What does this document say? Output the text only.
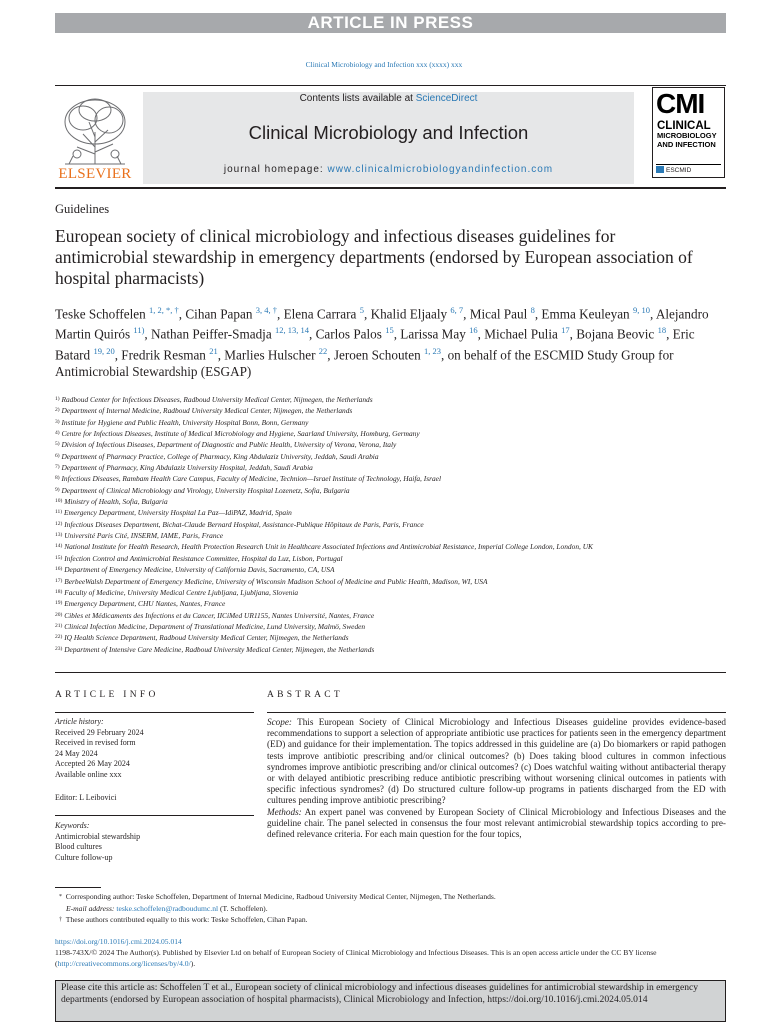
ARTICLE IN PRESS
Clinical Microbiology and Infection xxx (xxxx) xxx
ELSEVIER
Contents lists available at ScienceDirect
Clinical Microbiology and Infection
journal homepage: www.clinicalmicrobiologyandinfection.com
CMI
CLINICAL
MICROBIOLOGY
AND INFECTION
ESCMID
Guidelines
European society of clinical microbiology and infectious diseases guidelines for antimicrobial stewardship in emergency departments (endorsed by European association of hospital pharmacists)
Teske Schoffelen $^{1, 2, *, \dagger}$, Cihan Papan $^{3, 4, \dagger}$, Elena Carrara $^5$, Khalid Eljaaly $^{6, 7}$, Mical Paul $^8$, Emma Keuleyan $^{9, 10}$, Alejandro Martin Quirós $^{11)}$, Nathan Peiffer-Smadja $^{12, 13, 14}$, Carlos Palos $^{15}$, Larissa May $^{16}$, Michael Pulia $^{17}$, Bojana Beovic $^{18}$, Eric Batard $^{19, 20}$, Fredrik Resman $^{21}$, Marlies Hulscher $^{22}$, Jeroen Schouten $^{1, 23}$, on behalf of the ESCMID Study Group for Antimicrobial Stewardship (ESGAP)
$^{1)}$ Radboud Center for Infectious Diseases, Radboud University Medical Center, Nijmegen, the Netherlands
$^{2)}$ Department of Internal Medicine, Radboud University Medical Center, Nijmegen, the Netherlands
$^{3)}$ Institute for Hygiene and Public Health, University Hospital Bonn, Bonn, Germany
$^{4)}$ Centre for Infectious Diseases, Institute of Medical Microbiology and Hygiene, Saarland University, Homburg, Germany
$^{5)}$ Division of Infectious Diseases, Department of Diagnostic and Public Health, University of Verona, Verona, Italy
$^{6)}$ Department of Pharmacy Practice, College of Pharmacy, King Abdulaziz University, Jeddah, Saudi Arabia
$^{7)}$ Department of Pharmacy, King Abdulaziz University Hospital, Jeddah, Saudi Arabia
$^{8)}$ Infectious Diseases, Rambam Health Care Campus, Faculty of Medicine, Technion—Israel Institute of Technology, Haifa, Israel
$^{9)}$ Department of Clinical Microbiology and Virology, University Hospital Lozenetz, Sofia, Bulgaria
$^{10)}$ Ministry of Health, Sofia, Bulgaria
$^{11)}$ Emergency Department, University Hospital La Paz—IdiPAZ, Madrid, Spain
$^{12)}$ Infectious Diseases Department, Bichat-Claude Bernard Hospital, Assistance-Publique Hôpitaux de Paris, Paris, France
$^{13)}$ Université Paris Cité, INSERM, IAME, Paris, France
$^{14)}$ National Institute for Health Research, Health Protection Research Unit in Healthcare Associated Infections and Antimicrobial Resistance, Imperial College London, London, UK
$^{15)}$ Infection Control and Antimicrobial Resistance Committee, Hospital da Luz, Lisbon, Portugal
$^{16)}$ Department of Emergency Medicine, University of California Davis, Sacramento, CA, USA
$^{17)}$ BerbeeWalsh Department of Emergency Medicine, University of Wisconsin Madison School of Medicine and Public Health, Madison, WI, USA
$^{18)}$ Faculty of Medicine, University Medical Centre Ljubljana, Ljubljana, Slovenia
$^{19)}$ Emergency Department, CHU Nantes, Nantes, France
$^{20)}$ Cibles et Médicaments des Infections et du Cancer, IICiMed UR1155, Nantes Université, Nantes, France
$^{21)}$ Clinical Infection Medicine, Department of Translational Medicine, Lund University, Malmö, Sweden
$^{22)}$ IQ Health Science Department, Radboud University Medical Center, Nijmegen, the Netherlands
$^{23)}$ Department of Intensive Care Medicine, Radboud University Medical Center, Nijmegen, the Netherlands
ARTICLE INFO	ABSTRACT
Article history:
Received 29 February 2024
Received in revised form
24 May 2024
Accepted 26 May 2024
Available online xxx
Editor: L Leibovici
Keywords:
Antimicrobial stewardship
Blood cultures
Culture follow-up
Scope: This European Society of Clinical Microbiology and Infectious Diseases guideline provides evidence-based recommendations to support a selection of appropriate antibiotic use practices for patients seen in the emergency department (ED) and guidance for their implementation. The topics addressed in this guideline are (a) Do biomarkers or rapid pathogen tests improve antibiotic prescribing and/or clinical outcomes? (b) Does taking blood cultures in common infectious syndromes improve antibiotic prescribing and/or clinical outcomes? (c) Does watchful waiting without antibacterial therapy or with delayed antibiotic prescribing reduce antibiotic prescribing without worsening clinical outcomes in patients with specific infectious syndromes? (d) Do structured culture follow-up programs in patients discharged from the ED with cultures pending improve antibiotic prescribing?
Methods: An expert panel was convened by European Society of Clinical Microbiology and Infectious Diseases and the guideline chair. The panel selected in consensus the four most relevant antimicrobial stewardship topics according to pre-defined relevance criteria. For each main question for the four topics,
* Corresponding author: Teske Schoffelen, Department of Internal Medicine, Radboud University Medical Center, Nijmegen, The Netherlands.
E-mail address: teske.schoffelen@radboudumc.nl (T. Schoffelen).
† These authors contributed equally to this work: Teske Schoffelen, Cihan Papan.
https://doi.org/10.1016/j.cmi.2024.05.014
1198-743X/© 2024 The Author(s). Published by Elsevier Ltd on behalf of European Society of Clinical Microbiology and Infectious Diseases. This is an open access article under the CC BY license (http://creativecommons.org/licenses/by/4.0/).
Please cite this article as: Schoffelen T et al., European society of clinical microbiology and infectious diseases guidelines for antimicrobial stewardship in emergency departments (endorsed by European association of hospital pharmacists), Clinical Microbiology and Infection, https://doi.org/10.1016/j.cmi.2024.05.014
